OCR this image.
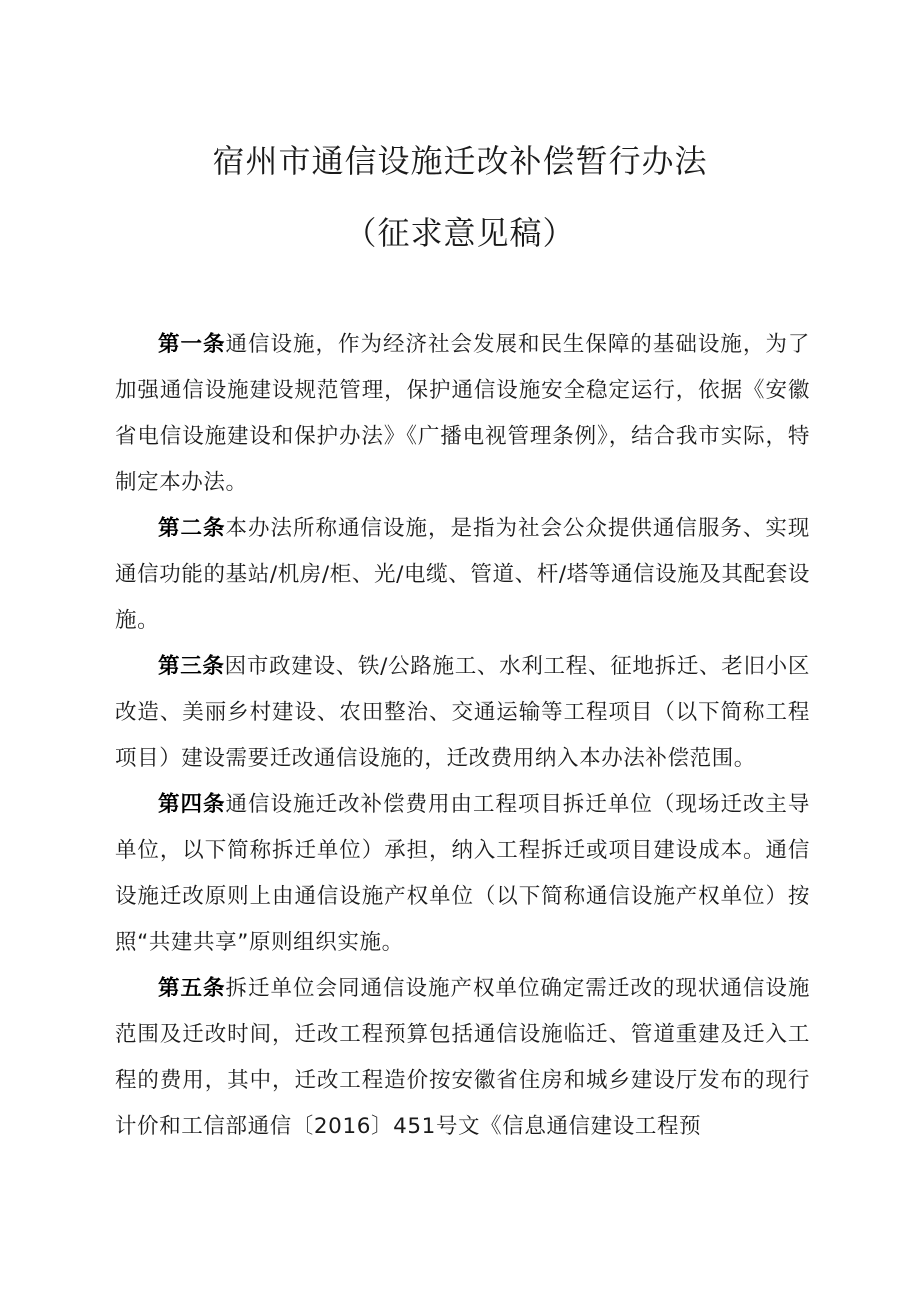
宿州市通信设施迁改补偿暂行办法
（征求意见稿）

第一条通信设施，作为经济社会发展和民生保障的基础设施，为了加强通信设施建设规范管理，保护通信设施安全稳定运行，依据《安徽省电信设施建设和保护办法》《广播电视管理条例》，结合我市实际，特制定本办法。

第二条本办法所称通信设施，是指为社会公众提供通信服务、实现通信功能的基站/机房/柜、光/电缆、管道、杆/塔等通信设施及其配套设施。

第三条因市政建设、铁/公路施工、水利工程、征地拆迁、老旧小区改造、美丽乡村建设、农田整治、交通运输等工程项目（以下简称工程项目）建设需要迁改通信设施的，迁改费用纳入本办法补偿范围。

第四条通信设施迁改补偿费用由工程项目拆迁单位（现场迁改主导单位，以下简称拆迁单位）承担，纳入工程拆迁或项目建设成本。通信设施迁改原则上由通信设施产权单位（以下简称通信设施产权单位）按照“共建共享”原则组织实施。

第五条拆迁单位会同通信设施产权单位确定需迁改的现状通信设施范围及迁改时间，迁改工程预算包括通信设施临迁、管道重建及迁入工程的费用，其中，迁改工程造价按安徽省住房和城乡建设厅发布的现行计价和工信部通信〔2016〕451号文《信息通信建设工程预
